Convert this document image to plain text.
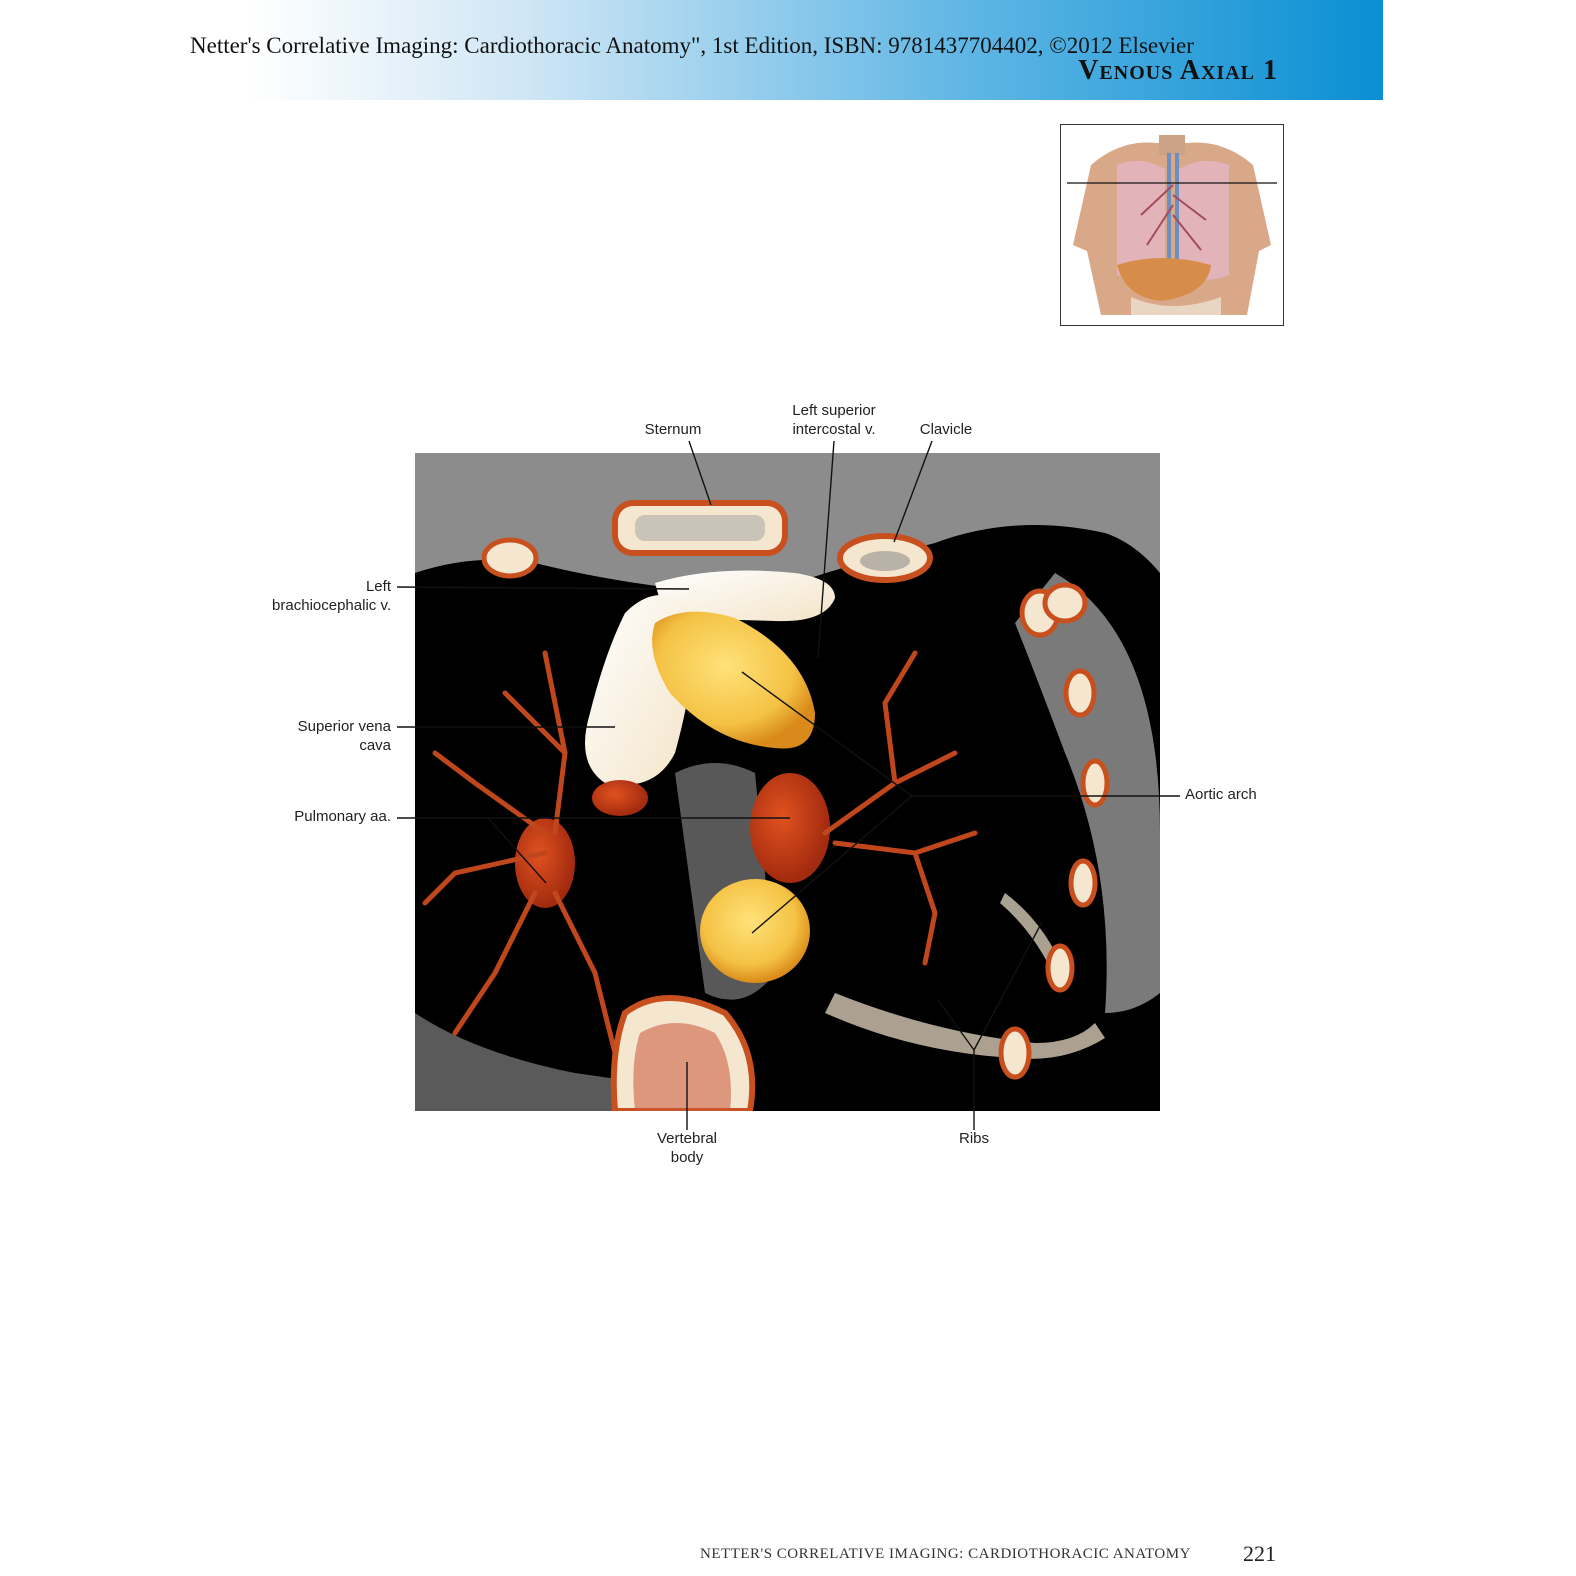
Netter's Correlative Imaging: Cardiothoracic Anatomy", 1st Edition, ISBN: 9781437704402, ©2012 Elsevier
Venous Axial 1
Sternum
Left superior
intercostal v.	Clavicle
Left
brachiocephalic v.
Superior vena
cava
Pulmonary aa.
Aortic arch
Vertebral
body
Ribs
NETTER'S CORRELATIVE IMAGING: CARDIOTHORACIC ANATOMY 221
